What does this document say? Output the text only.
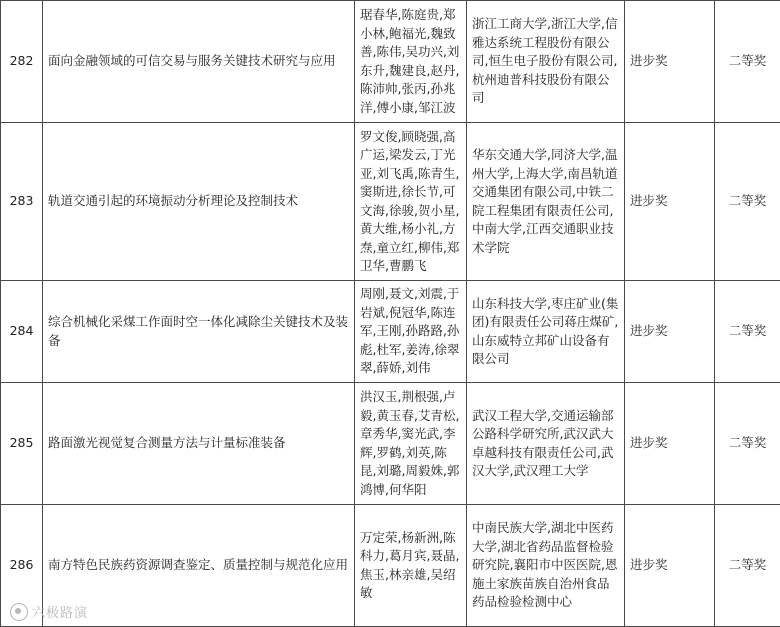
282	面向金融领域的可信交易与服务关键技术研究与应用	琚春华,陈庭贵,郑小林,鲍福光,魏致善,陈伟,吴功兴,刘东升,魏建良,赵丹,陈沛帅,张丙,孙兆洋,傅小康,邹江波	浙江工商大学,浙江大学,信雅达系统工程股份有限公司,恒生电子股份有限公司,杭州迪普科技股份有限公司	进步奖	二等奖
283	轨道交通引起的环境振动分析理论及控制技术	罗文俊,顾晓强,高广运,梁发云,丁光亚,刘飞禹,陈青生,窦斯进,徐长节,可文海,徐骏,贺小星,黄大维,杨小礼,方焘,童立红,柳伟,郑卫华,曹鹏飞	华东交通大学,同济大学,温州大学,上海大学,南昌轨道交通集团有限公司,中铁二院工程集团有限责任公司,中南大学,江西交通职业技术学院	进步奖	二等奖
284	综合机械化采煤工作面时空一体化减除尘关键技术及装备	周刚,聂文,刘震,于岩斌,倪冠华,陈连军,王刚,孙路路,孙彪,杜军,姜涛,徐翠翠,薛娇,刘伟	山东科技大学,枣庄矿业(集团)有限责任公司蒋庄煤矿,山东威特立邦矿山设备有限公司	进步奖	二等奖
285	路面激光视觉复合测量方法与计量标准装备	洪汉玉,荆根强,卢毅,黄玉春,艾青松,章秀华,窦光武,李辉,罗鹤,刘英,陈昆,刘璐,周毅姝,郭鸿博,何华阳	武汉工程大学,交通运输部公路科学研究所,武汉武大卓越科技有限责任公司,武汉大学,武汉理工大学	进步奖	二等奖
286	南方特色民族药资源调查鉴定、质量控制与规范化应用	万定荣,杨新洲,陈科力,葛月宾,聂晶,焦玉,林亲雄,吴绍敏	中南民族大学,湖北中医药大学,湖北省药品监督检验研究院,襄阳市中医医院,恩施土家族苗族自治州食品药品检验检测中心	进步奖	二等奖
六极路演
